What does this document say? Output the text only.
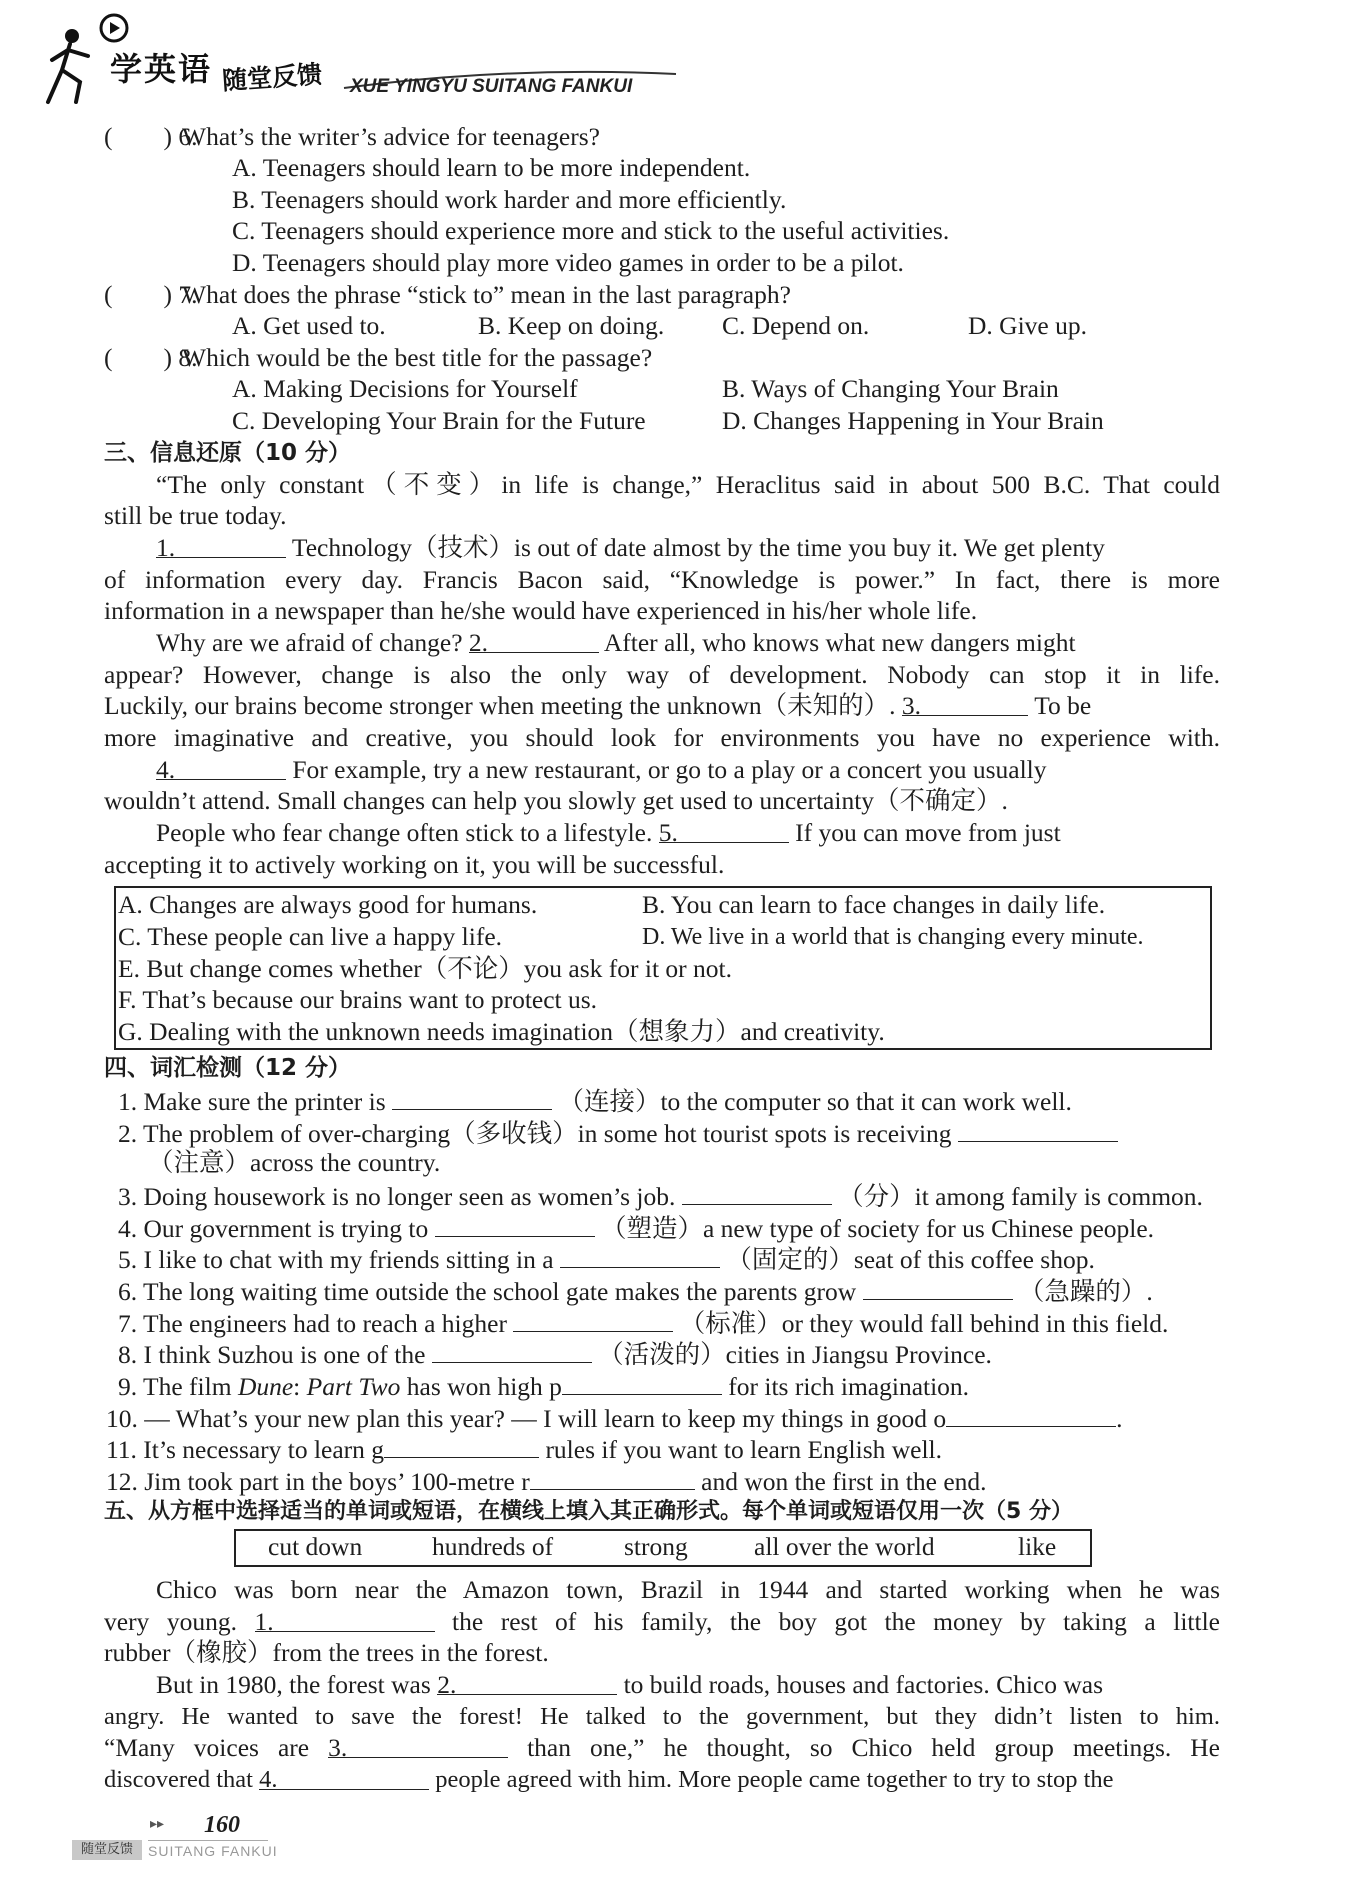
学英语 随堂反馈 XUE YINGYU SUITANG FANKUI
(　　) 6.What’s the writer’s advice for teenagers?
A. Teenagers should learn to be more independent.
B. Teenagers should work harder and more efficiently.
C. Teenagers should experience more and stick to the useful activities.
D. Teenagers should play more video games in order to be a pilot.
(　　) 7.What does the phrase “stick to” mean in the last paragraph?
A. Get used to.	B. Keep on doing. C. Depend on.	D. Give up.
(　　) 8.Which would be the best title for the passage?
A. Making Decisions for Yourself	B. Ways of Changing Your Brain
C. Developing Your Brain for the Future	D. Changes Happening in Your Brain
三、信息还原（10 分）
“The only constant（不变）in life is change,” Heraclitus said in about 500 B.C. That could
still be true today.
1.	Technology（技术）is out of date almost by the time you buy it. We get plenty
of information every day. Francis Bacon said, “Knowledge is power.” In fact, there is more
information in a newspaper than he/she would have experienced in his/her whole life.
Why are we afraid of change? 2.	After all, who knows what new dangers might
appear? However, change is also the only way of development. Nobody can stop it in life.
Luckily, our brains become stronger when meeting the unknown（未知的）. 3.	To be
more imaginative and creative, you should look for environments you have no experience with.
4.	For example, try a new restaurant, or go to a play or a concert you usually
wouldn’t attend. Small changes can help you slowly get used to uncertainty（不确定）.
People who fear change often stick to a lifestyle. 5.	If you can move from just
accepting it to actively working on it, you will be successful.
A. Changes are always good for humans.	B. You can learn to face changes in daily life.
C. These people can live a happy life.	D. We live in a world that is changing every minute.
E. But change comes whether（不论）you ask for it or not.
F. That’s because our brains want to protect us.
G. Dealing with the unknown needs imagination（想象力）and creativity.
四、词汇检测（12 分）
1. Make sure the printer is	（连接）to the computer so that it can work well.
2. The problem of over-charging（多收钱）in some hot tourist spots is receiving
（注意）across the country.
3. Doing housework is no longer seen as women’s job.	（分）it among family is common.
4. Our government is trying to	（塑造）a new type of society for us Chinese people.
5. I like to chat with my friends sitting in a	（固定的）seat of this coffee shop.
6. The long waiting time outside the school gate makes the parents grow	（急躁的）.
7. The engineers had to reach a higher	（标准）or they would fall behind in this field.
8. I think Suzhou is one of the	（活泼的）cities in Jiangsu Province.
9. The film Dune: Part Two has won high p	for its rich imagination.
10. — What’s your new plan this year? — I will learn to keep my things in good o	.
11. It’s necessary to learn g	rules if you want to learn English well.
12. Jim took part in the boys’ 100-metre r	and won the first in the end.
五、从方框中选择适当的单词或短语，在横线上填入其正确形式。每个单词或短语仅用一次（5 分）
cut down	hundreds of	strong	all over the world	like
Chico was born near the Amazon town, Brazil in 1944 and started working when he was
very young. 1.	the rest of his family, the boy got the money by taking a little
rubber（橡胶）from the trees in the forest.
But in 1980, the forest was 2.	to build roads, houses and factories. Chico was
angry. He wanted to save the forest! He talked to the government, but they didn’t listen to him.
“Many voices are 3.	than one,” he thought, so Chico held group meetings. He
discovered that 4.	people agreed with him. More people came together to try to stop the
▸▸ 160
随堂反馈	SUITANG FANKUI
